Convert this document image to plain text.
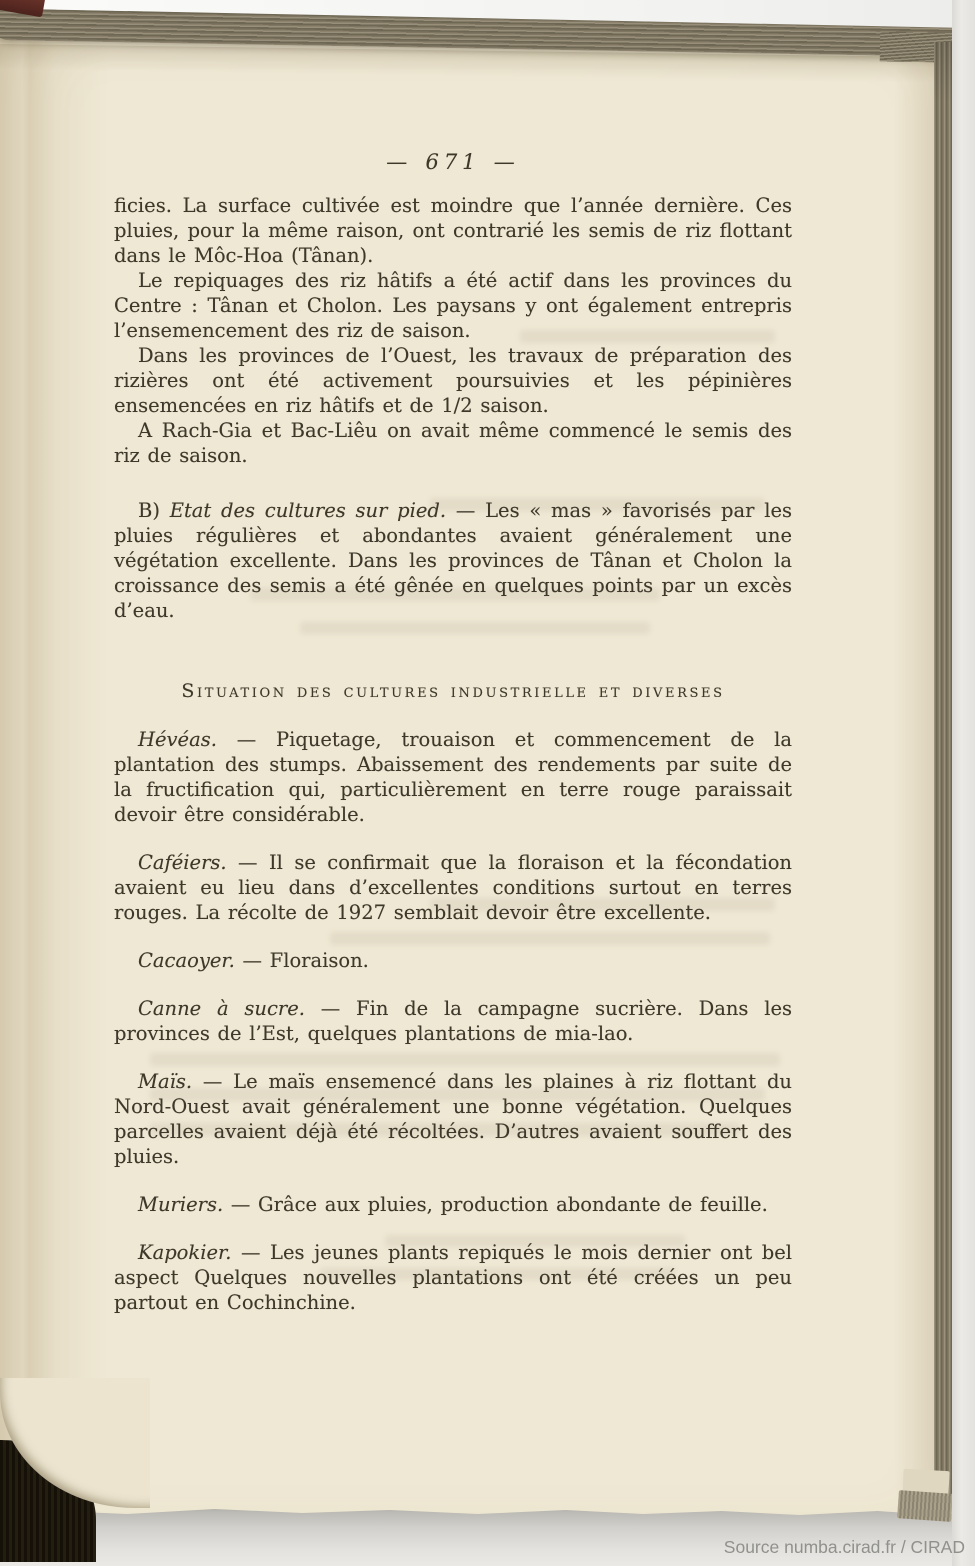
— 671 —

ficies. La surface cultivée est moindre que l’année dernière. Ces pluies, pour la même raison, ont contrarié les semis de riz flottant dans le Môc-Hoa (Tânan).

Le repiquages des riz hâtifs a été actif dans les provinces du Centre : Tânan et Cholon. Les paysans y ont également entrepris l’ensemencement des riz de saison.

Dans les provinces de l’Ouest, les travaux de préparation des rizières ont été activement poursuivies et les pépinières ensemencées en riz hâtifs et de 1/2 saison.

A Rach-Gia et Bac-Liêu on avait même commencé le semis des riz de saison.

B) Etat des cultures sur pied. — Les « mas » favorisés par les pluies régulières et abondantes avaient généralement une végétation excellente. Dans les provinces de Tânan et Cholon la croissance des semis a été gênée en quelques points par un excès d’eau.

Situation des cultures industrielle et diverses

Hévéas. — Piquetage, trouaison et commencement de la plantation des stumps. Abaissement des rendements par suite de la fructification qui, particulièrement en terre rouge paraissait devoir être considérable.

Caféiers. — Il se confirmait que la floraison et la fécondation avaient eu lieu dans d’excellentes conditions surtout en terres rouges. La récolte de 1927 semblait devoir être excellente.

Cacaoyer. — Floraison.

Canne à sucre. — Fin de la campagne sucrière. Dans les provinces de l’Est, quelques plantations de mia-lao.

Maïs. — Le maïs ensemencé dans les plaines à riz flottant du Nord-Ouest avait généralement une bonne végétation. Quelques parcelles avaient déjà été récoltées. D’autres avaient souffert des pluies.

Muriers. — Grâce aux pluies, production abondante de feuille.

Kapokier. — Les jeunes plants repiqués le mois dernier ont bel aspect Quelques nouvelles plantations ont été créées un peu partout en Cochinchine.

Source numba.cirad.fr / CIRAD
